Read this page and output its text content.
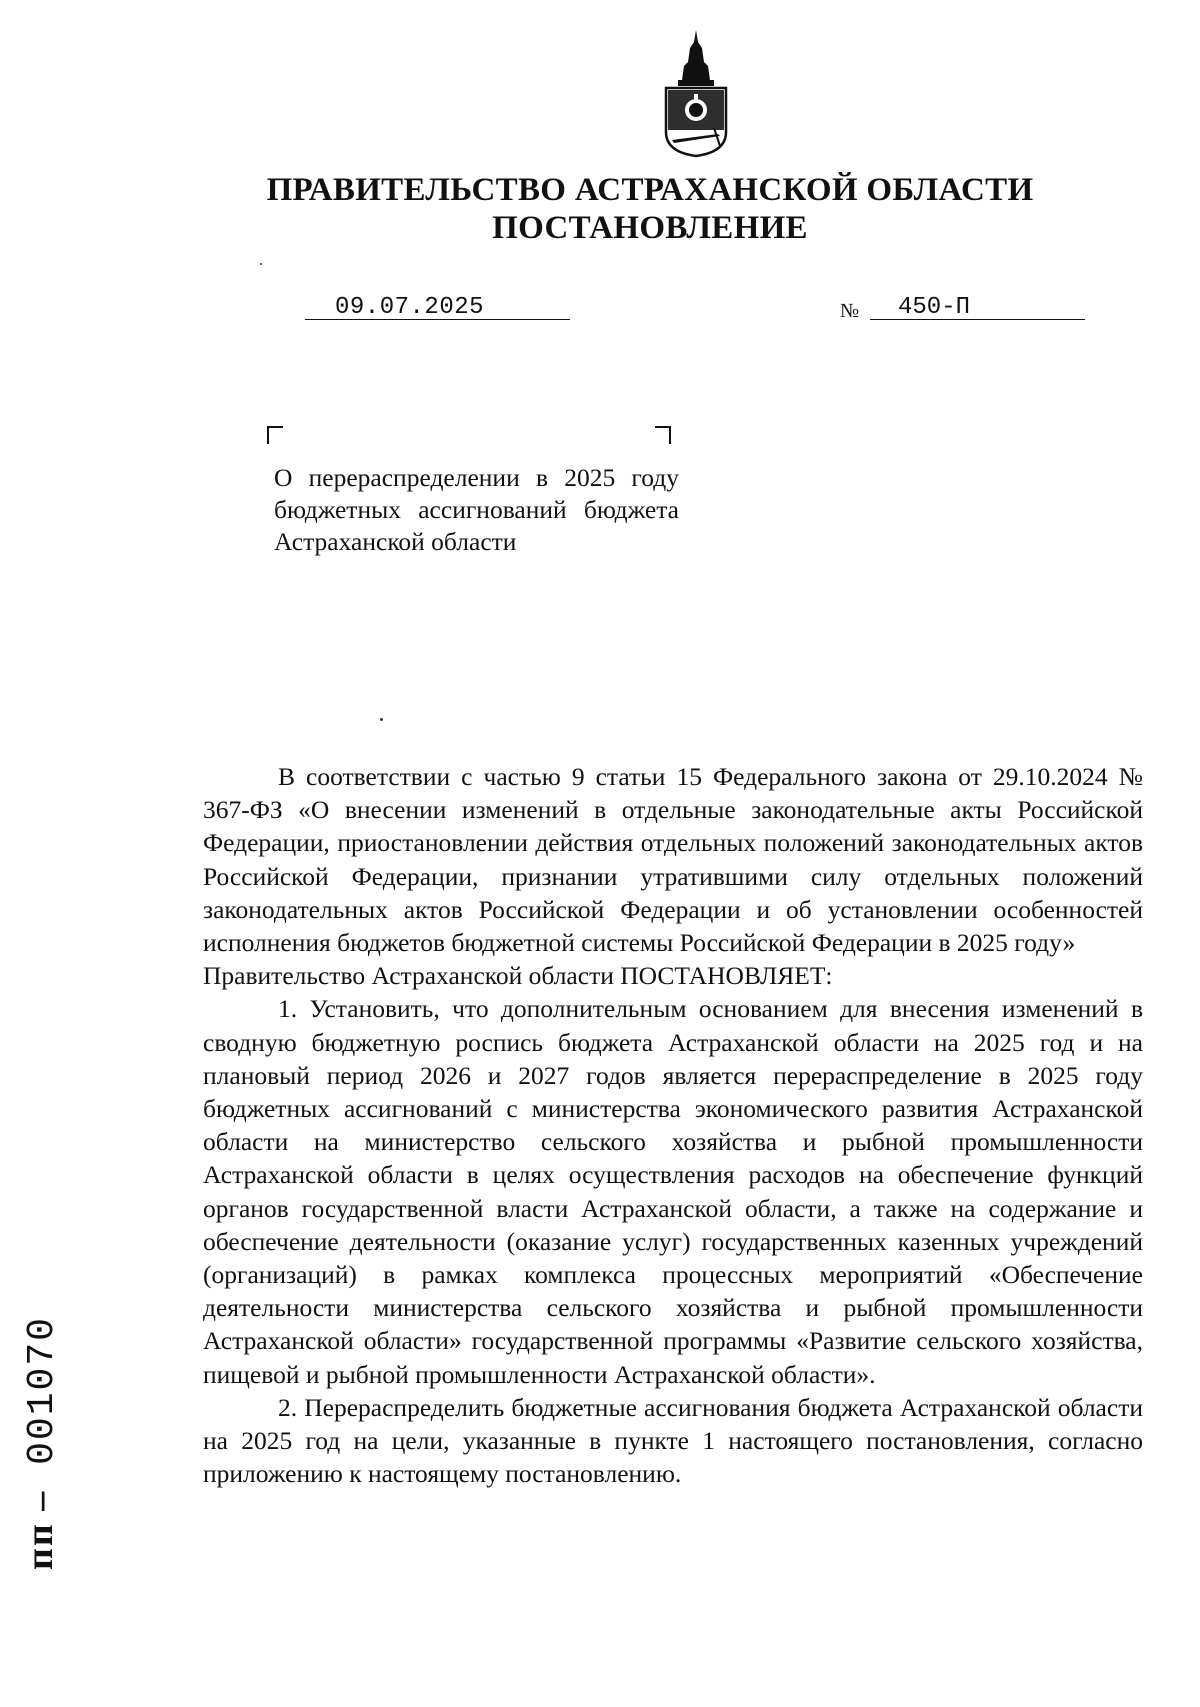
ПРАВИТЕЛЬСТВО АСТРАХАНСКОЙ ОБЛАСТИ
ПОСТАНОВЛЕНИЕ
09.07.2025	№ 450-П
О перераспределении в 2025 году бюджетных ассигнований бюджета Астраханской области

В соответствии с частью 9 статьи 15 Федерального закона от 29.10.2024 № 367-ФЗ «О внесении изменений в отдельные законодательные акты Российской Федерации, приостановлении действия отдельных положений законодательных актов Российской Федерации, признании утратившими силу отдельных положений законодательных актов Российской Федерации и об установлении особенностей исполнения бюджетов бюджетной системы Российской Федерации в 2025 году»

Правительство Астраханской области ПОСТАНОВЛЯЕТ:

1. Установить, что дополнительным основанием для внесения изменений в сводную бюджетную роспись бюджета Астраханской области на 2025 год и на плановый период 2026 и 2027 годов является перераспределение в 2025 году бюджетных ассигнований с министерства экономического развития Астраханской области на министерство сельского хозяйства и рыбной промышленности Астраханской области в целях осуществления расходов на обеспечение функций органов государственной власти Астраханской области, а также на содержание и обеспечение деятельности (оказание услуг) государственных казенных учреждений (организаций) в рамках комплекса процессных мероприятий «Обеспечение деятельности министерства сельского хозяйства и рыбной промышленности Астраханской области» государственной программы «Развитие сельского хозяйства, пищевой и рыбной промышленности Астраханской области».

2. Перераспределить бюджетные ассигнования бюджета Астраханской области на 2025 год на цели, указанные в пункте 1 настоящего постановления, согласно приложению к настоящему постановлению.

пп – 001070
